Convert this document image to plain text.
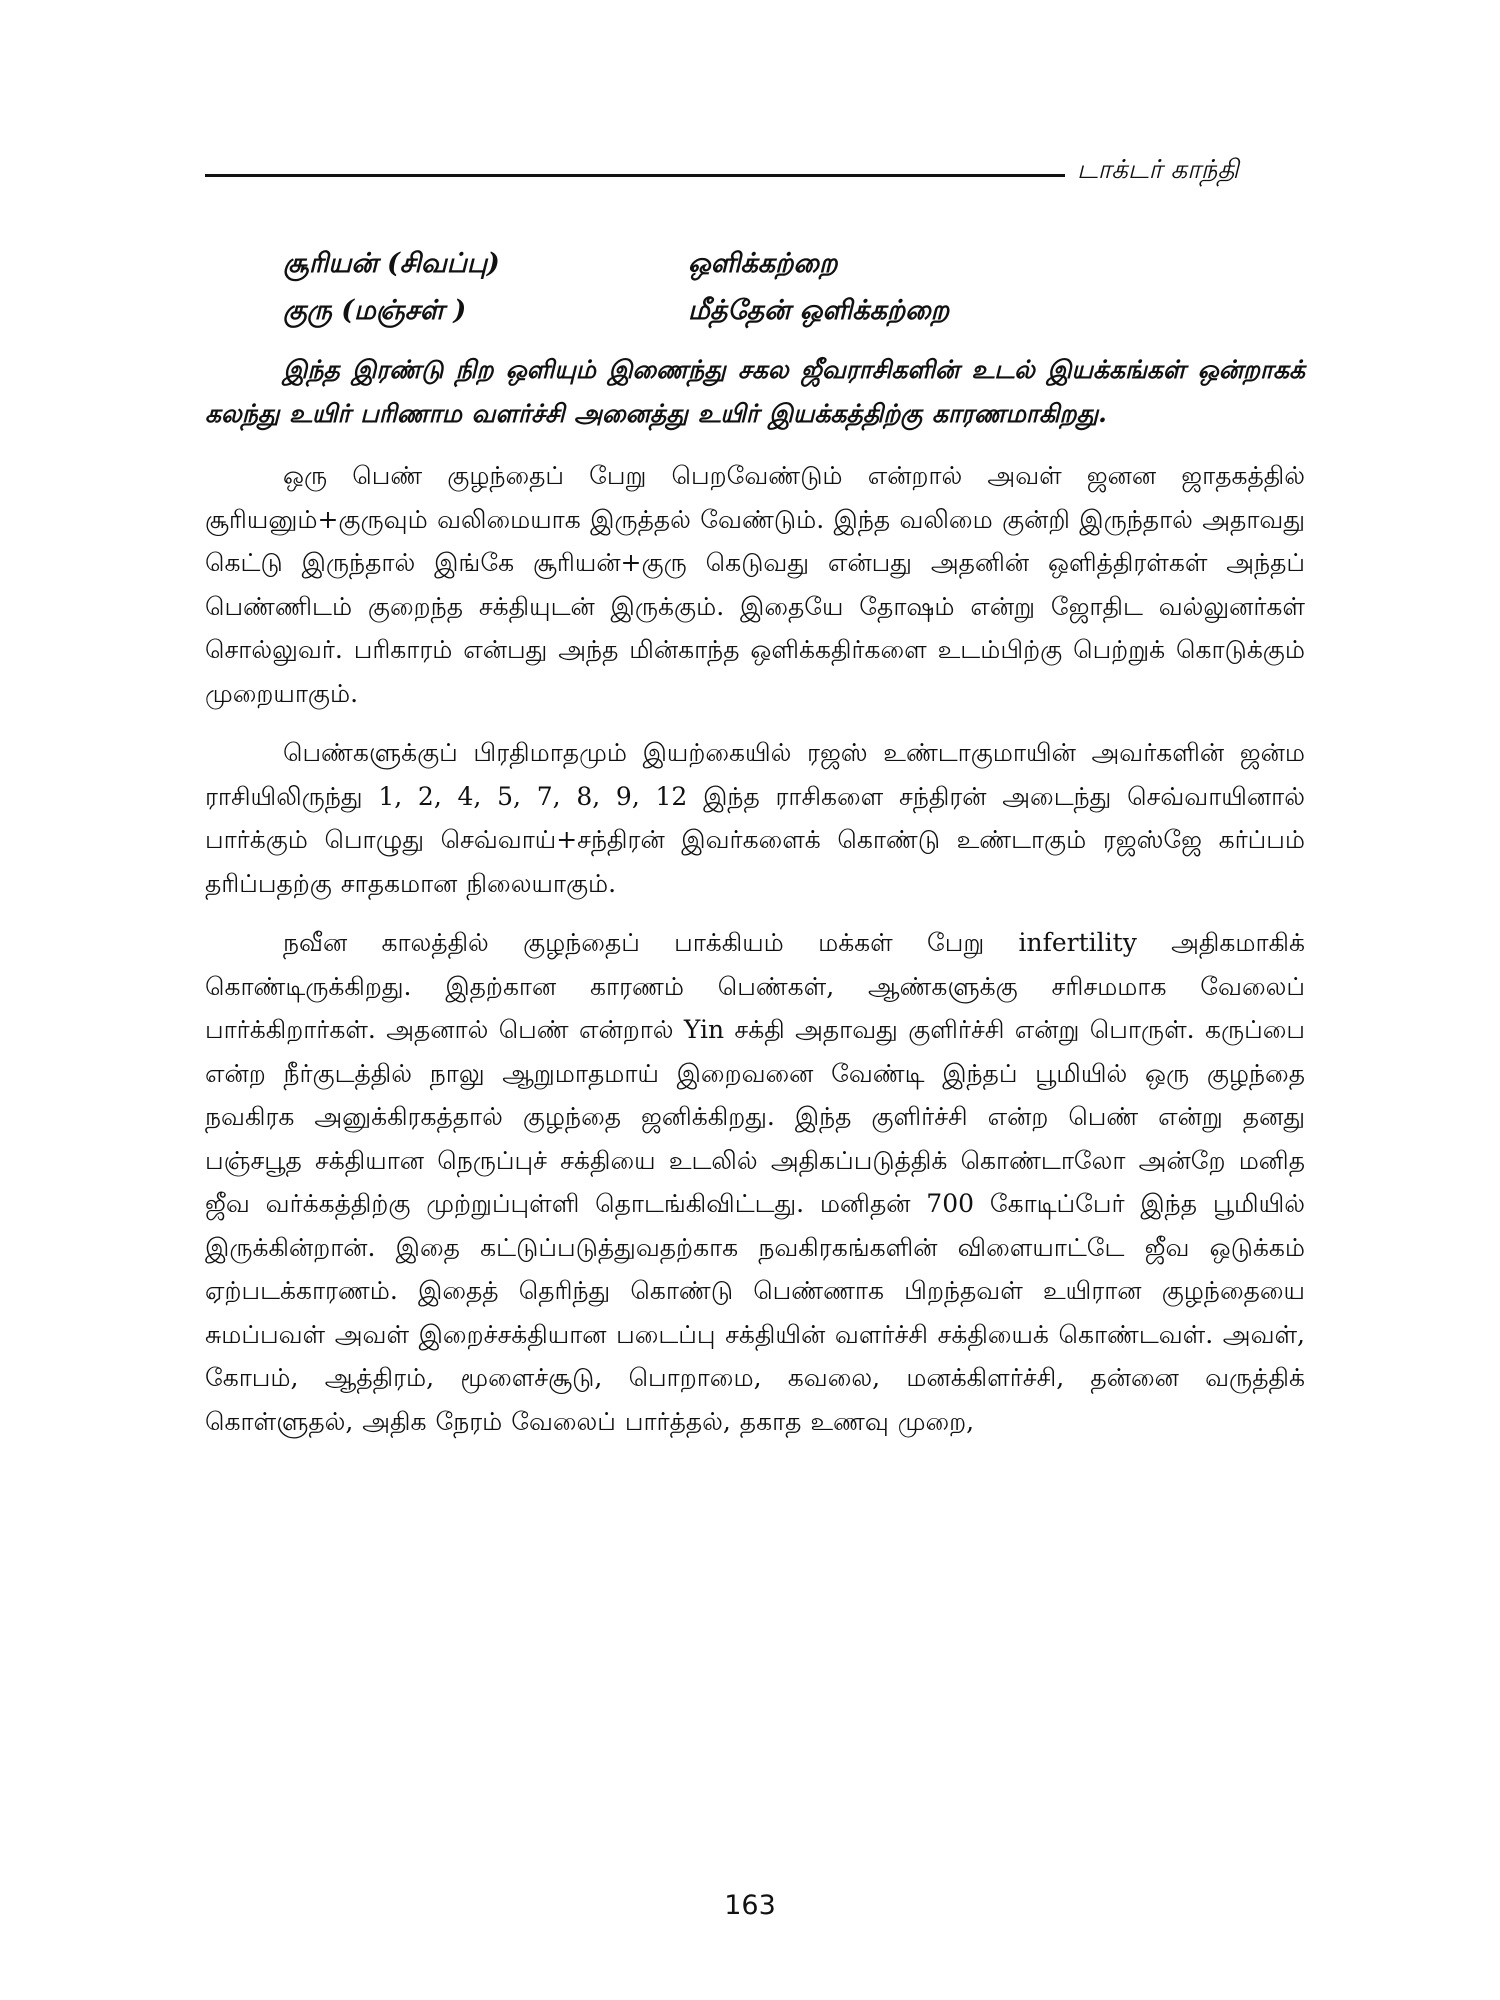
டாக்டர் காந்தி
சூரியன் (சிவப்பு)	ஒளிக்கற்றை
குரு (மஞ்சள் )	மீத்தேன் ஒளிக்கற்றை

இந்த இரண்டு நிற ஒளியும் இணைந்து சகல ஜீவராசிகளின் உடல் இயக்கங்கள் ஒன்றாகக் கலந்து உயிர் பரிணாம வளர்ச்சி அனைத்து உயிர் இயக்கத்திற்கு காரணமாகிறது.

ஒரு பெண் குழந்தைப் பேறு பெறவேண்டும் என்றால் அவள் ஜனன ஜாதகத்தில் சூரியனும்+குருவும் வலிமையாக இருத்தல் வேண்டும். இந்த வலிமை குன்றி இருந்தால் அதாவது கெட்டு இருந்தால் இங்கே சூரியன்+குரு கெடுவது என்பது அதனின் ஒளித்திரள்கள் அந்தப் பெண்ணிடம் குறைந்த சக்தியுடன் இருக்கும். இதையே தோஷம் என்று ஜோதிட வல்லுனர்கள் சொல்லுவர். பரிகாரம் என்பது அந்த மின்காந்த ஒளிக்கதிர்களை உடம்பிற்கு பெற்றுக் கொடுக்கும் முறையாகும்.

பெண்களுக்குப் பிரதிமாதமும் இயற்கையில் ரஜஸ் உண்டாகுமாயின் அவர்களின் ஜன்ம ராசியிலிருந்து 1, 2, 4, 5, 7, 8, 9, 12 இந்த ராசிகளை சந்திரன் அடைந்து செவ்வாயினால் பார்க்கும் பொழுது செவ்வாய்+சந்திரன் இவர்களைக் கொண்டு உண்டாகும் ரஜஸ்ஜே கர்ப்பம் தரிப்பதற்கு சாதகமான நிலையாகும்.

நவீன காலத்தில் குழந்தைப் பாக்கியம் மக்கள் பேறு infertility அதிகமாகிக் கொண்டிருக்கிறது. இதற்கான காரணம் பெண்கள், ஆண்களுக்கு சரிசமமாக வேலைப் பார்க்கிறார்கள். அதனால் பெண் என்றால் Yin சக்தி அதாவது குளிர்ச்சி என்று பொருள். கருப்பை என்ற நீர்குடத்தில் நாலு ஆறுமாதமாய் இறைவனை வேண்டி இந்தப் பூமியில் ஒரு குழந்தை நவகிரக அனுக்கிரகத்தால் குழந்தை ஜனிக்கிறது. இந்த குளிர்ச்சி என்ற பெண் என்று தனது பஞ்சபூத சக்தியான நெருப்புச் சக்தியை உடலில் அதிகப்படுத்திக் கொண்டாலோ அன்றே மனித ஜீவ வர்க்கத்திற்கு முற்றுப்புள்ளி தொடங்கிவிட்டது. மனிதன் 700 கோடிப்பேர் இந்த பூமியில் இருக்கின்றான். இதை கட்டுப்படுத்துவதற்காக நவகிரகங்களின் விளையாட்டே ஜீவ ஒடுக்கம் ஏற்படக்காரணம். இதைத் தெரிந்து கொண்டு பெண்ணாக பிறந்தவள் உயிரான குழந்தையை சுமப்பவள் அவள் இறைச்சக்தியான படைப்பு சக்தியின் வளர்ச்சி சக்தியைக் கொண்டவள். அவள், கோபம், ஆத்திரம், மூளைச்சூடு, பொறாமை, கவலை, மனக்கிளர்ச்சி, தன்னை வருத்திக் கொள்ளுதல், அதிக நேரம் வேலைப் பார்த்தல், தகாத உணவு முறை,

163
